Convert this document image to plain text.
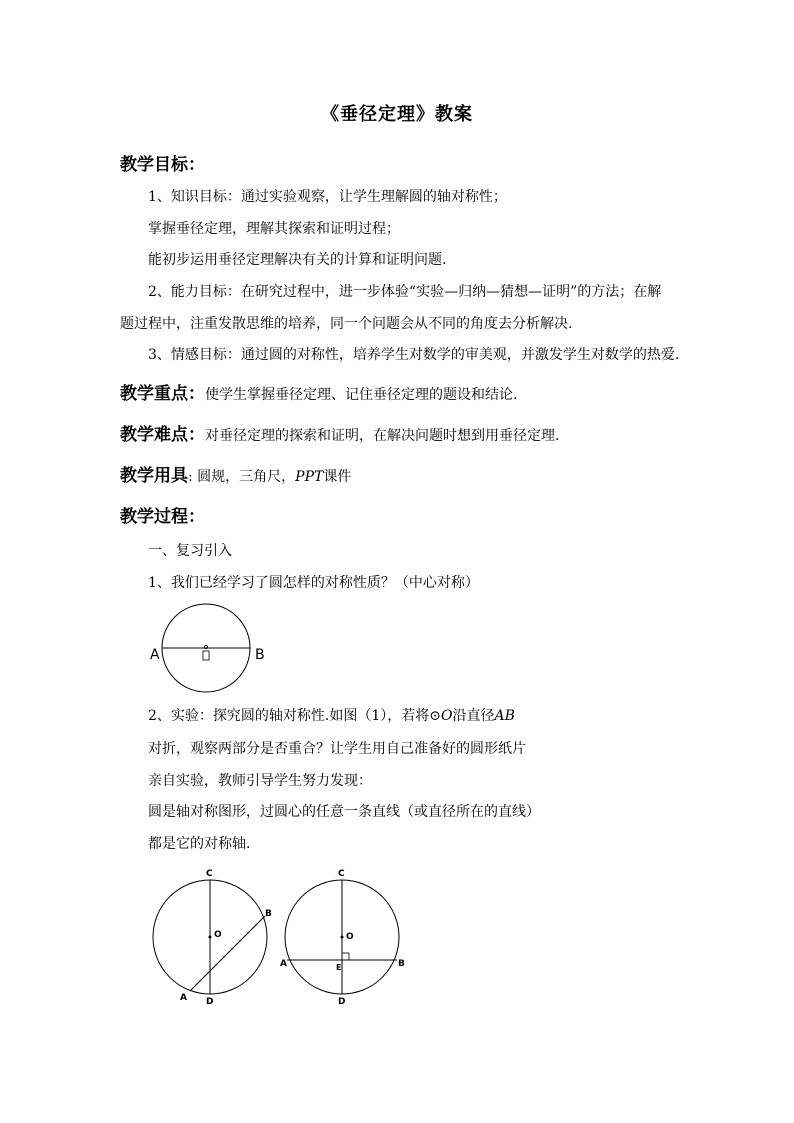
《垂径定理》教案
教学目标：
1、知识目标：通过实验观察，让学生理解圆的轴对称性；
掌握垂径定理，理解其探索和证明过程；
能初步运用垂径定理解决有关的计算和证明问题.
2、能力目标：在研究过程中，进一步体验“实验—归纳—猜想—证明”的方法；在解
题过程中，注重发散思维的培养，同一个问题会从不同的角度去分析解决.
3、情感目标：通过圆的对称性，培养学生对数学的审美观，并激发学生对数学的热爱.
教学重点：使学生掌握垂径定理、记住垂径定理的题设和结论.
教学难点：对垂径定理的探索和证明，在解决问题时想到用垂径定理.
教学用具: 圆规，三角尺，PPT课件
教学过程：
一、复习引入
1、我们已经学习了圆怎样的对称性质？（中心对称）
A	B
2、实验：探究圆的轴对称性.如图（1），若将⊙O沿直径AB
对折，观察两部分是否重合？让学生用自己准备好的圆形纸片
亲自实验，教师引导学生努力发现：
圆是轴对称图形，过圆心的任意一条直线（或直径所在的直线）
都是它的对称轴.
C
O
B
A D
C
O
A	E	B
D
